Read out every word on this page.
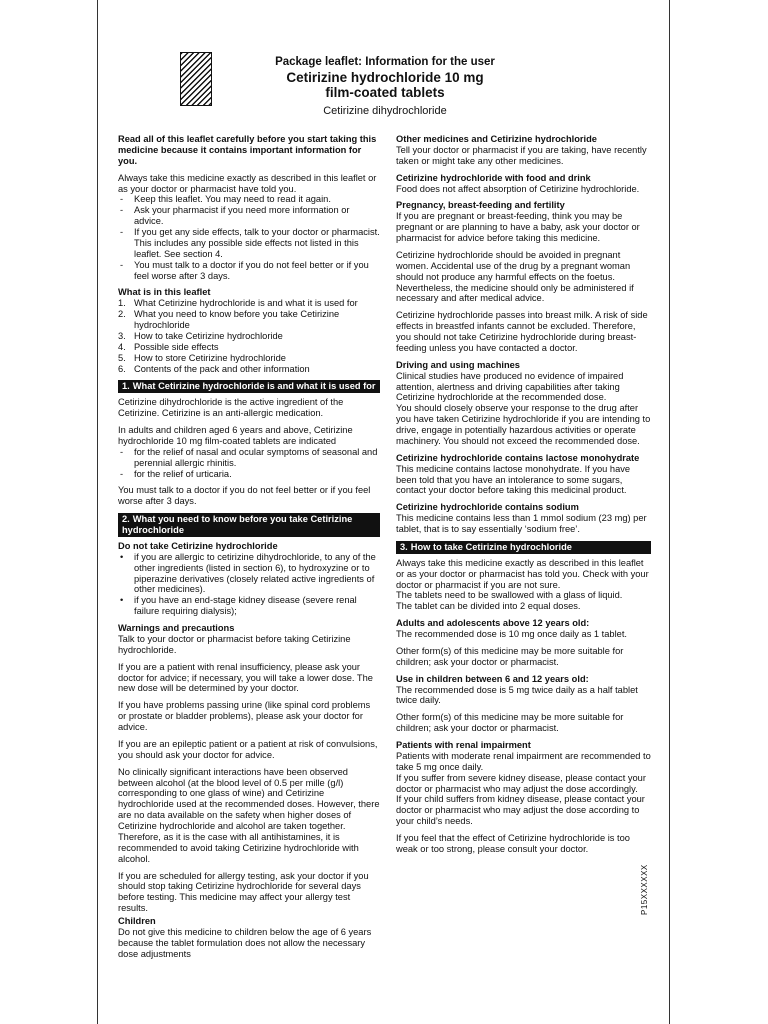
Package leaflet: Information for the user

Cetirizine hydrochloride 10 mg

film-coated tablets

Cetirizine dihydrochloride

Read all of this leaflet carefully before you start taking this medicine because it contains important information for you.

Always take this medicine exactly as described in this leaflet or as your doctor or pharmacist have told you.

- Keep this leaflet. You may need to read it again.
- Ask your pharmacist if you need more information or advice.
- If you get any side effects, talk to your doctor or pharmacist. This includes any possible side effects not listed in this leaflet. See section 4.
- You must talk to a doctor if you do not feel better or if you feel worse after 3 days.

What is in this leaflet

1. What Cetirizine hydrochloride is and what it is used for
2. What you need to know before you take Cetirizine hydrochloride
3. How to take Cetirizine hydrochloride
4. Possible side effects
5. How to store Cetirizine hydrochloride
6. Contents of the pack and other information
1. What Cetirizine hydrochloride is and what it is used for

Cetirizine dihydrochloride is the active ingredient of the Cetirizine. Cetirizine is an anti-allergic medication.

In adults and children aged 6 years and above, Cetirizine hydrochloride 10 mg film-coated tablets are indicated

- for the relief of nasal and ocular symptoms of seasonal and perennial allergic rhinitis.
- for the relief of urticaria.

You must talk to a doctor if you do not feel better or if you feel worse after 3 days.

2. What you need to know before you take Cetirizine hydrochloride

Do not take Cetirizine hydrochloride

• if you are allergic to cetirizine dihydrochloride, to any of the other ingredients (listed in section 6), to hydroxyzine or to piperazine derivatives (closely related active ingredients of other medicines).
• if you have an end-stage kidney disease (severe renal failure requiring dialysis);

Warnings and precautions

Talk to your doctor or pharmacist before taking Cetirizine hydrochloride.

If you are a patient with renal insufficiency, please ask your doctor for advice; if necessary, you will take a lower dose. The new dose will be determined by your doctor.

If you have problems passing urine (like spinal cord problems or prostate or bladder problems), please ask your doctor for advice.

If you are an epileptic patient or a patient at risk of convulsions, you should ask your doctor for advice.

No clinically significant interactions have been observed between alcohol (at the blood level of 0.5 per mille (g/l) corresponding to one glass of wine) and Cetirizine hydrochloride used at the recommended doses. However, there are no data available on the safety when higher doses of Cetirizine hydrochloride and alcohol are taken together. Therefore, as it is the case with all antihistamines, it is recommended to avoid taking Cetirizine hydrochloride with alcohol.

If you are scheduled for allergy testing, ask your doctor if you should stop taking Cetirizine hydrochloride for several days before testing. This medicine may affect your allergy test results.

Children

Do not give this medicine to children below the age of 6 years because the tablet formulation does not allow the necessary dose adjustments

Other medicines and Cetirizine hydrochloride

Tell your doctor or pharmacist if you are taking, have recently taken or might take any other medicines.

Cetirizine hydrochloride with food and drink

Food does not affect absorption of Cetirizine hydrochloride.

Pregnancy, breast-feeding and fertility

If you are pregnant or breast-feeding, think you may be pregnant or are planning to have a baby, ask your doctor or pharmacist for advice before taking this medicine.

Cetirizine hydrochloride should be avoided in pregnant women. Accidental use of the drug by a pregnant woman should not produce any harmful effects on the foetus. Nevertheless, the medicine should only be administered if necessary and after medical advice.

Cetirizine hydrochloride passes into breast milk. A risk of side effects in breastfed infants cannot be excluded. Therefore, you should not take Cetirizine hydrochloride during breast-feeding unless you have contacted a doctor.

Driving and using machines

Clinical studies have produced no evidence of impaired attention, alertness and driving capabilities after taking Cetirizine hydrochloride at the recommended dose.

You should closely observe your response to the drug after you have taken Cetirizine hydrochloride if you are intending to drive, engage in potentially hazardous activities or operate machinery. You should not exceed the recommended dose.

Cetirizine hydrochloride contains lactose monohydrate

This medicine contains lactose monohydrate. If you have been told that you have an intolerance to some sugars, contact your doctor before taking this medicinal product.

Cetirizine hydrochloride contains sodium

This medicine contains less than 1 mmol sodium (23 mg) per tablet, that is to say essentially ‘sodium free’.

3. How to take Cetirizine hydrochloride

Always take this medicine exactly as described in this leaflet or as your doctor or pharmacist has told you. Check with your doctor or pharmacist if you are not sure.

The tablets need to be swallowed with a glass of liquid.

The tablet can be divided into 2 equal doses.

Adults and adolescents above 12 years old:

The recommended dose is 10 mg once daily as 1 tablet.

Other form(s) of this medicine may be more suitable for children; ask your doctor or pharmacist.

Use in children between 6 and 12 years old:

The recommended dose is 5 mg twice daily as a half tablet twice daily.

Other form(s) of this medicine may be more suitable for children; ask your doctor or pharmacist.

Patients with renal impairment

Patients with moderate renal impairment are recommended to take 5 mg once daily.

If you suffer from severe kidney disease, please contact your doctor or pharmacist who may adjust the dose accordingly.

If your child suffers from kidney disease, please contact your doctor or pharmacist who may adjust the dose according to your child’s needs.

If you feel that the effect of Cetirizine hydrochloride is too weak or too strong, please consult your doctor.

P15XXXXXX
